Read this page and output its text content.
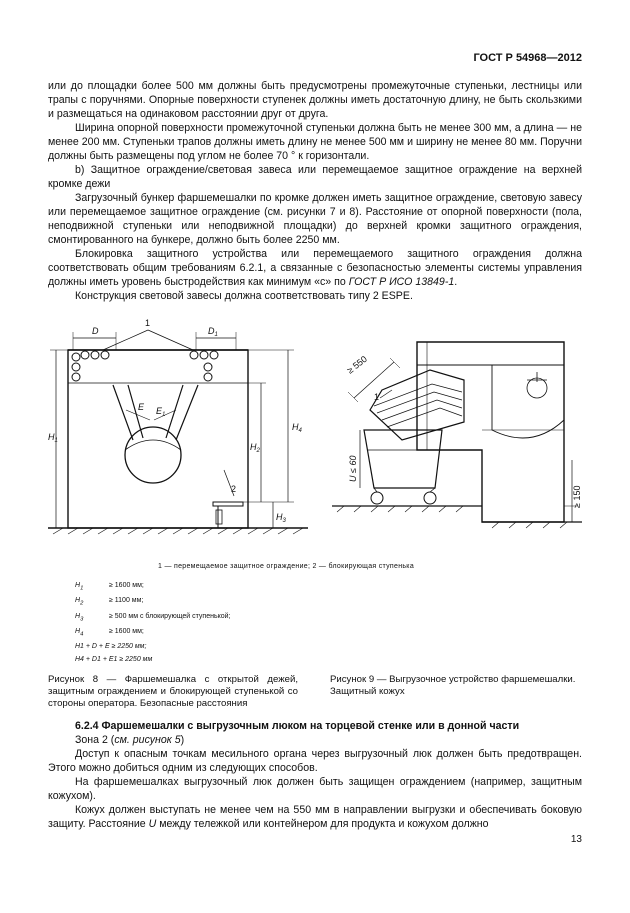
ГОСТ Р 54968—2012

или до площадки более 500 мм должны быть предусмотрены промежуточные ступеньки, лестницы или трапы с поручнями. Опорные поверхности ступенек должны иметь достаточную длину, не быть скользкими и размещаться на одинаковом расстоянии друг от друга.

Ширина опорной поверхности промежуточной ступеньки должна быть не менее 300 мм, а длина — не менее 200 мм. Ступеньки трапов должны иметь длину не менее 500 мм и ширину не менее 80 мм. Поручни должны быть размещены под углом не более 70 ° к горизонтали.

b) Защитное ограждение/световая завеса или перемещаемое защитное ограждение на верхней кромке дежи

Загрузочный бункер фаршемешалки по кромке должен иметь защитное ограждение, световую завесу или перемещаемое защитное ограждение (см. рисунки 7 и 8). Расстояние от опорной поверхности (пола, неподвижной ступеньки или неподвижной площадки) до верхней кромки защитного ограждения, смонтированного на бункере, должно быть более 2250 мм.

Блокировка защитного устройства или перемещаемого защитного ограждения должна соответствовать общим требованиям 6.2.1, а связанные с безопасностью элементы системы управления должны иметь уровень быстродействия как минимум «c» по ГОСТ Р ИСО 13849-1.

Конструкция световой завесы должна соответствовать типу 2 ESPE.

D	$D_1$
1
2
E $E_1$
$H_1$
$H_2$
$H_3$
$H_4$
≥ 550
1
U ≤ 60
≥ 150
1 — перемещаемое защитное ограждение; 2 — блокирующая ступенька
$H_1$	≥ 1600 мм;
$H_2$	≥ 1100 мм;
$H_3$	≥ 500 мм с блокирующей ступенькой;
$H_4$	≥ 1600 мм;
H1 + D + E ≥ 2250 мм;
H4 + D1 + E1 ≥ 2250 мм

Рисунок 8 — Фаршемешалка с открытой дежей, защитным ограждением и блокирующей ступенькой со стороны оператора. Безопасные расстояния

Рисунок 9 — Выгрузочное устройство фаршемешалки. Защитный кожух

6.2.4 Фаршемешалки с выгрузочным люком на торцевой стенке или в донной части

Зона 2 (см. рисунок 5)

Доступ к опасным точкам месильного органа через выгрузочный люк должен быть предотвращен. Этого можно добиться одним из следующих способов.

На фаршемешалках выгрузочный люк должен быть защищен ограждением (например, защитным кожухом).

Кожух должен выступать не менее чем на 550 мм в направлении выгрузки и обеспечивать боковую защиту. Расстояние U между тележкой или контейнером для продукта и кожухом должно

13
